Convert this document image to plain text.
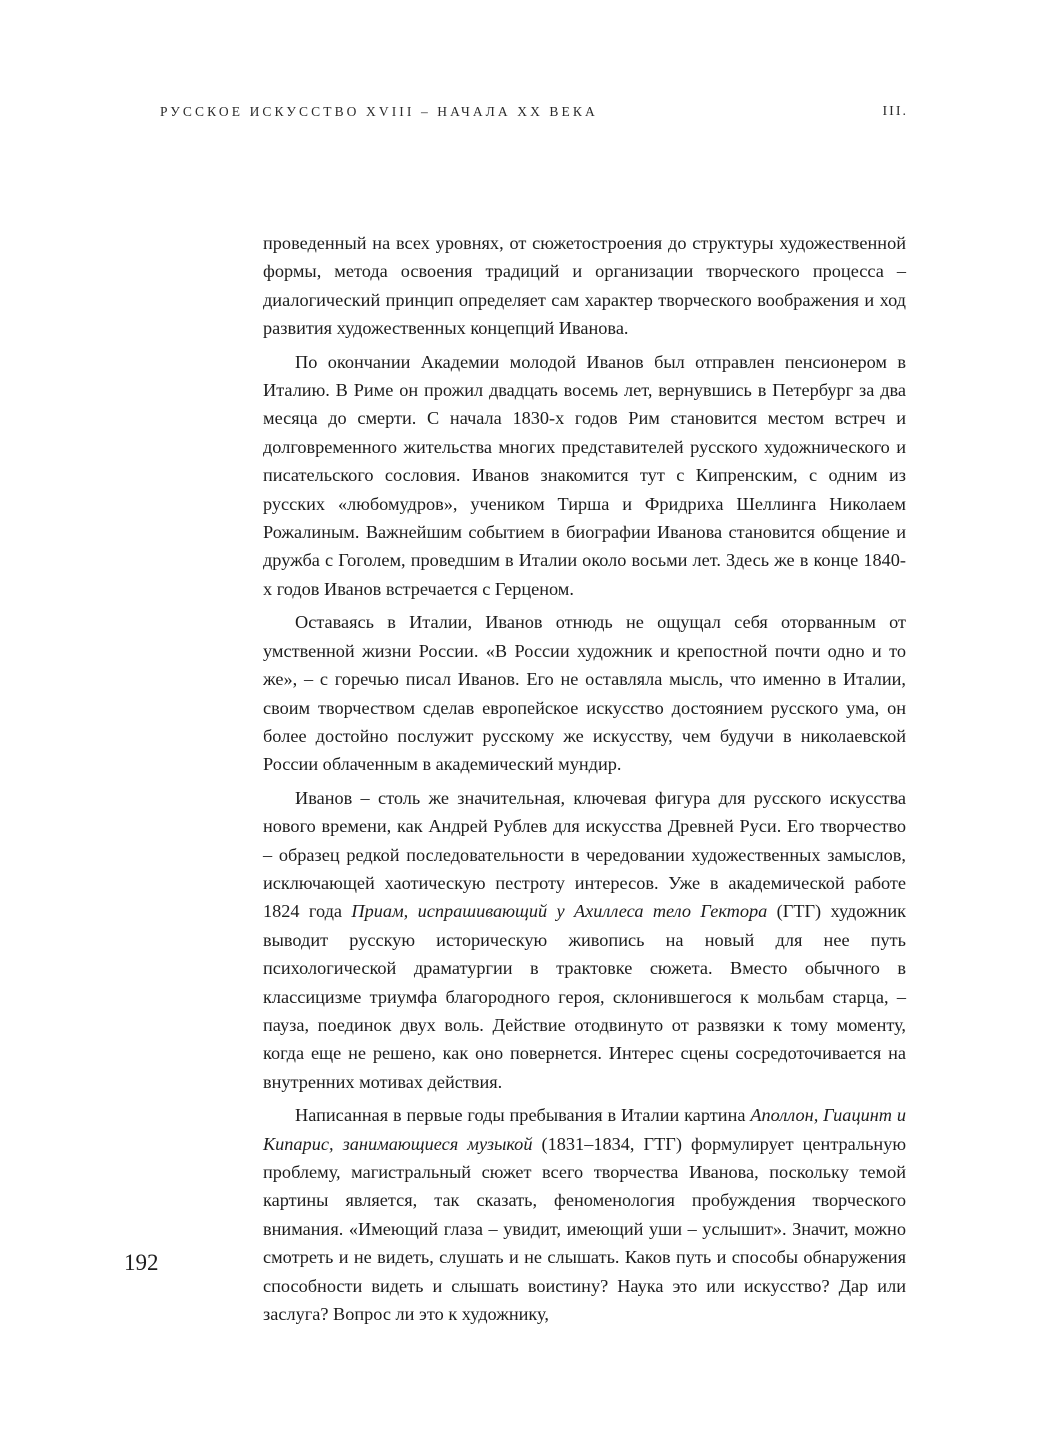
РУССКОЕ ИСКУССТВО XVIII – НАЧАЛА XX ВЕКА	III.

проведенный на всех уровнях, от сюжетостроения до структуры художественной формы, метода освоения традиций и организации творческого процесса – диалогический принцип определяет сам характер творческого воображения и ход развития художественных концепций Иванова.

По окончании Академии молодой Иванов был отправлен пенсионером в Италию. В Риме он прожил двадцать восемь лет, вернувшись в Петербург за два месяца до смерти. С начала 1830-х годов Рим становится местом встреч и долговременного жительства многих представителей русского художнического и писательского сословия. Иванов знакомится тут с Кипренским, с одним из русских «любомудров», учеником Тирша и Фридриха Шеллинга Николаем Рожалиным. Важнейшим событием в биографии Иванова становится общение и дружба с Гоголем, проведшим в Италии около восьми лет. Здесь же в конце 1840-х годов Иванов встречается с Герценом.

Оставаясь в Италии, Иванов отнюдь не ощущал себя оторванным от умственной жизни России. «В России художник и крепостной почти одно и то же», – с горечью писал Иванов. Его не оставляла мысль, что именно в Италии, своим творчеством сделав европейское искусство достоянием русского ума, он более достойно послужит русскому же искусству, чем будучи в николаевской России облаченным в академический мундир.

Иванов – столь же значительная, ключевая фигура для русского искусства нового времени, как Андрей Рублев для искусства Древней Руси. Его творчество – образец редкой последовательности в чередовании художественных замыслов, исключающей хаотическую пестроту интересов. Уже в академической работе 1824 года Приам, испрашивающий у Ахиллеса тело Гектора (ГТГ) художник выводит русскую историческую живопись на новый для нее путь психологической драматургии в трактовке сюжета. Вместо обычного в классицизме триумфа благородного героя, склонившегося к мольбам старца, – пауза, поединок двух воль. Действие отодвинуто от развязки к тому моменту, когда еще не решено, как оно повернется. Интерес сцены сосредоточивается на внутренних мотивах действия.

Написанная в первые годы пребывания в Италии картина Аполлон, Гиацинт и Кипарис, занимающиеся музыкой (1831–1834, ГТГ) формулирует центральную проблему, магистральный сюжет всего творчества Иванова, поскольку темой картины является, так сказать, феноменология пробуждения творческого внимания. «Имеющий глаза – увидит, имеющий уши – услышит». Значит, можно смотреть и не видеть, слушать и не слышать. Каков путь и способы обнаружения способности видеть и слышать воистину? Наука это или искусство? Дар или заслуга? Вопрос ли это к художнику,

192
